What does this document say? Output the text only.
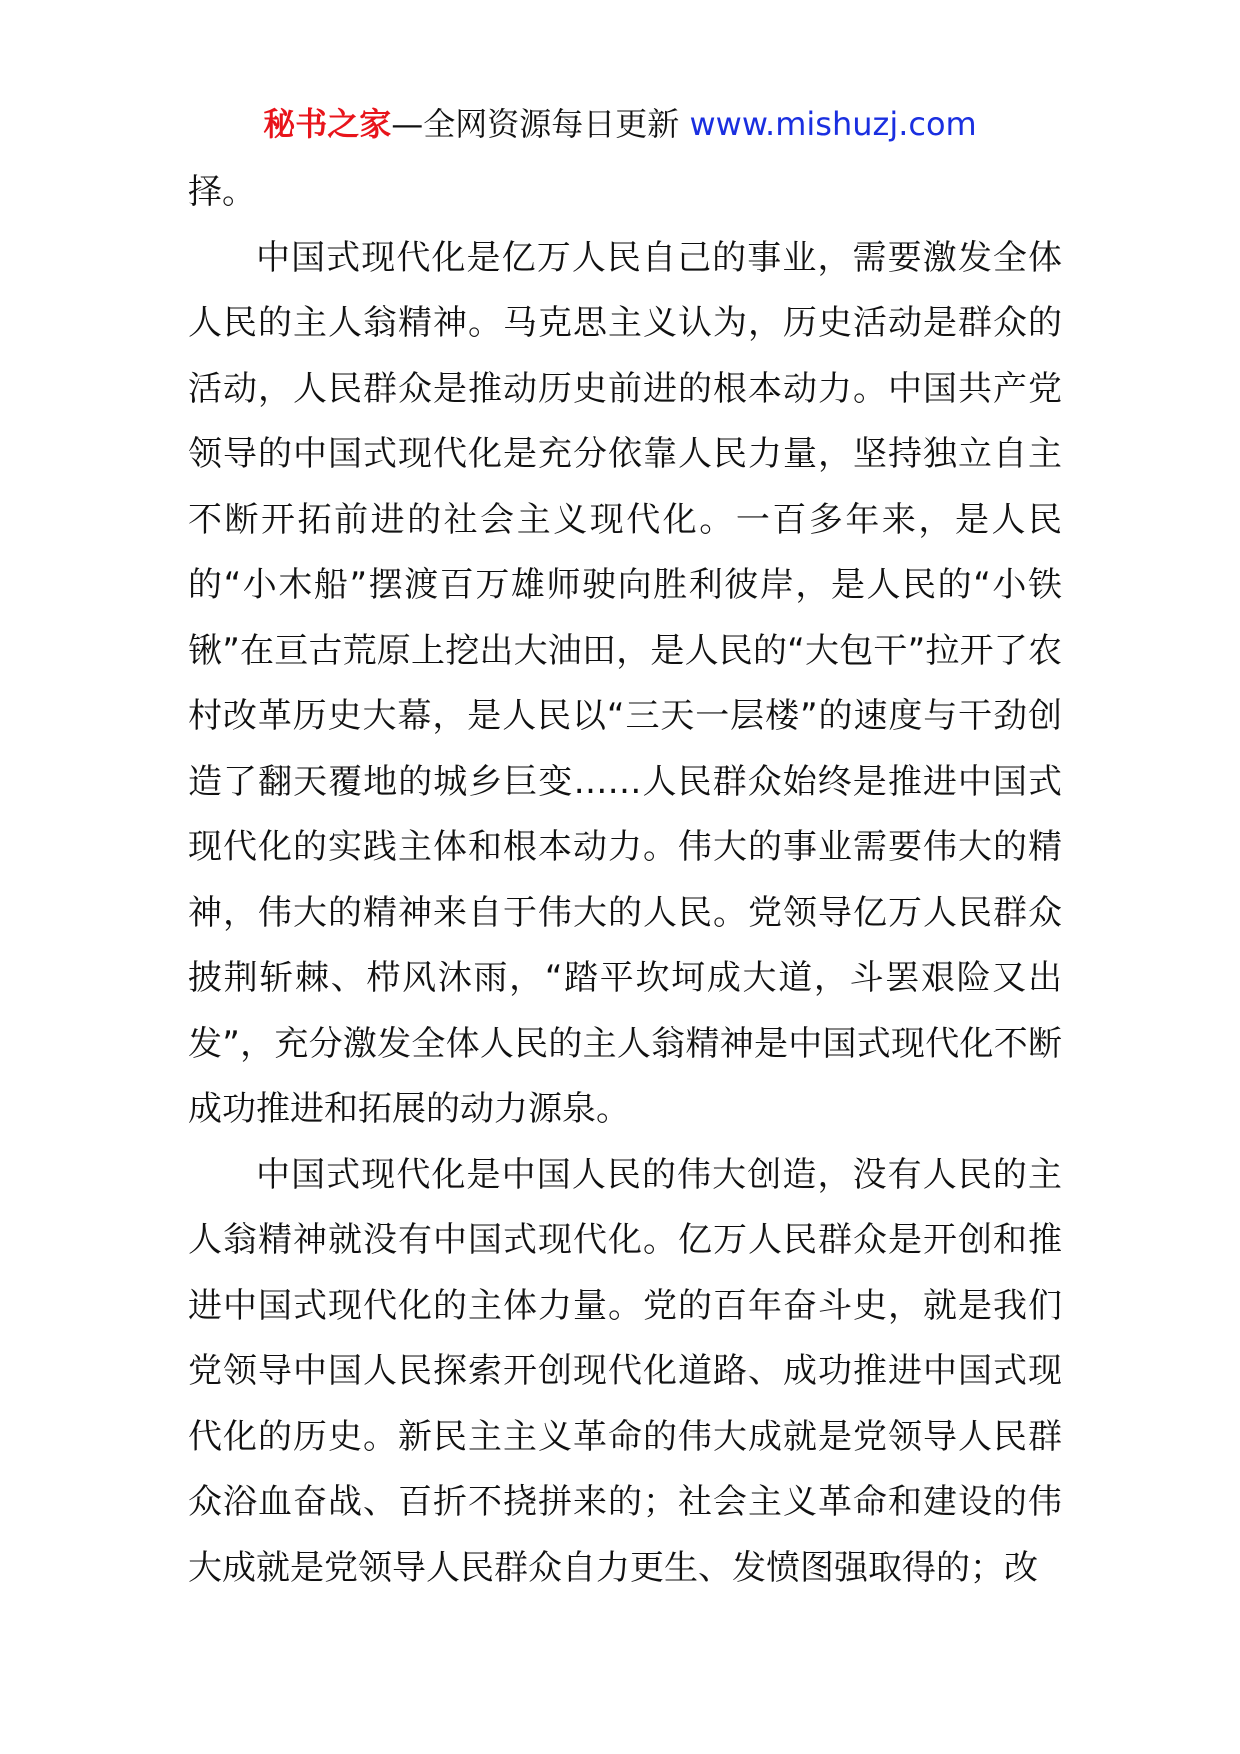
秘书之家—全网资源每日更新 www.mishuzj.com

择。

中国式现代化是亿万人民自己的事业，需要激发全体人民的主人翁精神。马克思主义认为，历史活动是群众的活动，人民群众是推动历史前进的根本动力。中国共产党领导的中国式现代化是充分依靠人民力量，坚持独立自主不断开拓前进的社会主义现代化。一百多年来，是人民的“小木船”摆渡百万雄师驶向胜利彼岸，是人民的“小铁锹”在亘古荒原上挖出大油田，是人民的“大包干”拉开了农村改革历史大幕，是人民以“三天一层楼”的速度与干劲创造了翻天覆地的城乡巨变……人民群众始终是推进中国式现代化的实践主体和根本动力。伟大的事业需要伟大的精神，伟大的精神来自于伟大的人民。党领导亿万人民群众披荆斩棘、栉风沐雨，“踏平坎坷成大道，斗罢艰险又出发”，充分激发全体人民的主人翁精神是中国式现代化不断成功推进和拓展的动力源泉。

中国式现代化是中国人民的伟大创造，没有人民的主人翁精神就没有中国式现代化。亿万人民群众是开创和推进中国式现代化的主体力量。党的百年奋斗史，就是我们党领导中国人民探索开创现代化道路、成功推进中国式现代化的历史。新民主主义革命的伟大成就是党领导人民群众浴血奋战、百折不挠拼来的；社会主义革命和建设的伟大成就是党领导人民群众自力更生、发愤图强取得的；改
